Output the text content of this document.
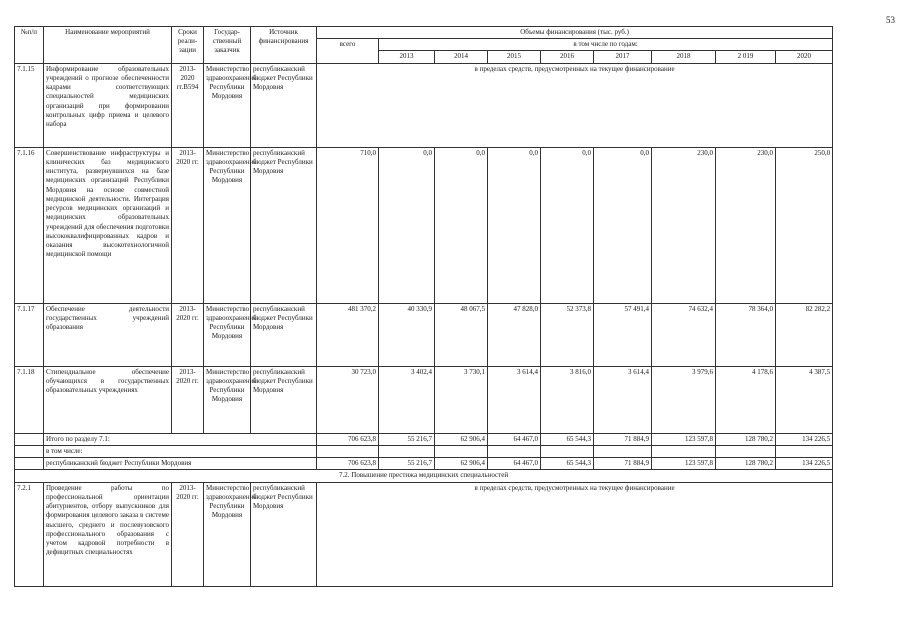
53
№п/п	Наименование мероприятий	Сроки реали-зации	Государ-ственный заказчик	Источник финансирования	Объемы финансирования (тыс. руб.)								
					всего	в том числе по годам:							
						2013	2014	2015	2016	2017	2018	2 019	2020
7.1.15	Информирование образовательных учреждений о прогнозе обеспеченности кадрами соответствующих специальностей медицинских организаций при формировании контрольных цифр приема и целевого набора	2013-2020 гг.В594	Министерство здравоохранения Республики Мордовия	республиканский бюджет Республики Мордовия	в пределах средств, предусмотренных на текущее финансирование								
7.1.16	Совершенствование инфраструктуры и клинических баз медицинского института, развернувшихся на базе медицинских организаций Республики Мордовия на основе совместной медицинской деятельности. Интеграция ресурсов медицинских организаций и медицинских образовательных учреждений для обеспечения подготовки высококвалифицированных кадров и оказания высокотехнологичной медицинской помощи	2013-2020 гг.	Министерство здравоохранения Республики Мордовия	республиканский бюджет Республики Мордовия	710,0	0,0	0,0	0,0	0,0	0,0	230,0	230,0	250,0
7.1.17	Обеспечение деятельности государственных учреждений образования	2013-2020 гг.	Министерство здравоохранения Республики Мордовия	республиканский бюджет Республики Мордовия	481 370,2	40 330,9	48 067,5	47 828,0	52 373,8	57 491,4	74 632,4	78 364,0	82 282,2
7.1.18	Стипендиальное обеспечение обучающихся в государственных образовательных учреждениях	2013-2020 гг.	Министерство здравоохранения Республики Мордовия	республиканский бюджет Республики Мордовия	30 723,0	3 402,4	3 730,1	3 614,4	3 816,0	3 614,4	3 979,6	4 178,6	4 387,5
	Итого по разделу 7.1:				706 623,8	55 216,7	62 906,4	64 467,0	65 544,3	71 884,9	123 597,8	128 780,2	134 226,5
	в том числе:												
	республиканский бюджет Республики Мордовия				706 623,8	55 216,7	62 906,4	64 467,0	65 544,3	71 884,9	123 597,8	128 780,2	134 226,5
7.2. Повышение престижа медицинских специальностей													
7.2.1	Проведение работы по профессиональной ориентации абитуриентов, отбору выпускников для формирования целевого заказа в системе высшего, среднего и послевузовского профессионального образования с учетом кадровой потребности в дефицитных специальностях	2013-2020 гг.	Министерство здравоохранения Республики Мордовия	республиканский бюджет Республики Мордовия	в пределах средств, предусмотренных на текущее финансирование								
